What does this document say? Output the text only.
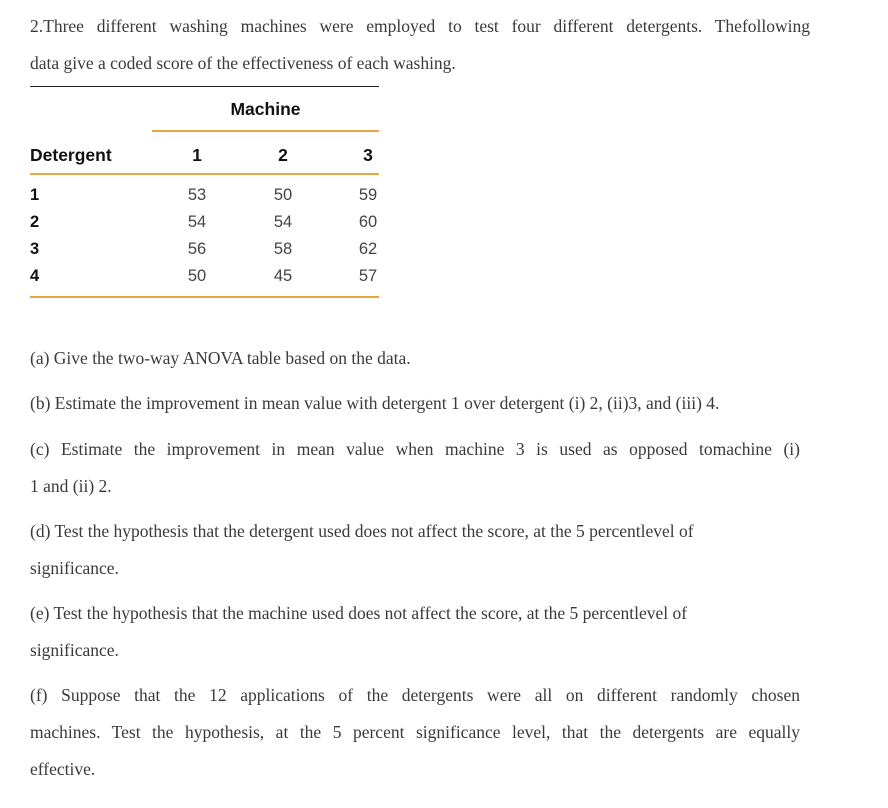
2.Three different washing machines were employed to test four different detergents. Thefollowing
data give a coded score of the effectiveness of each washing.
Machine
Detergent	1	2	3
1	53	50	59
2	54	54	60
3	56	58	62
4	50	45	57
(a) Give the two-way ANOVA table based on the data.
(b) Estimate the improvement in mean value with detergent 1 over detergent (i) 2, (ii)3, and (iii) 4.
(c) Estimate the improvement in mean value when machine 3 is used as opposed tomachine (i)
1 and (ii) 2.
(d) Test the hypothesis that the detergent used does not affect the score, at the 5 percentlevel of
significance.
(e) Test the hypothesis that the machine used does not affect the score, at the 5 percentlevel of
significance.
(f) Suppose that the 12 applications of the detergents were all on different randomly chosen
machines. Test the hypothesis, at the 5 percent significance level, that the detergents are equally
effective.
